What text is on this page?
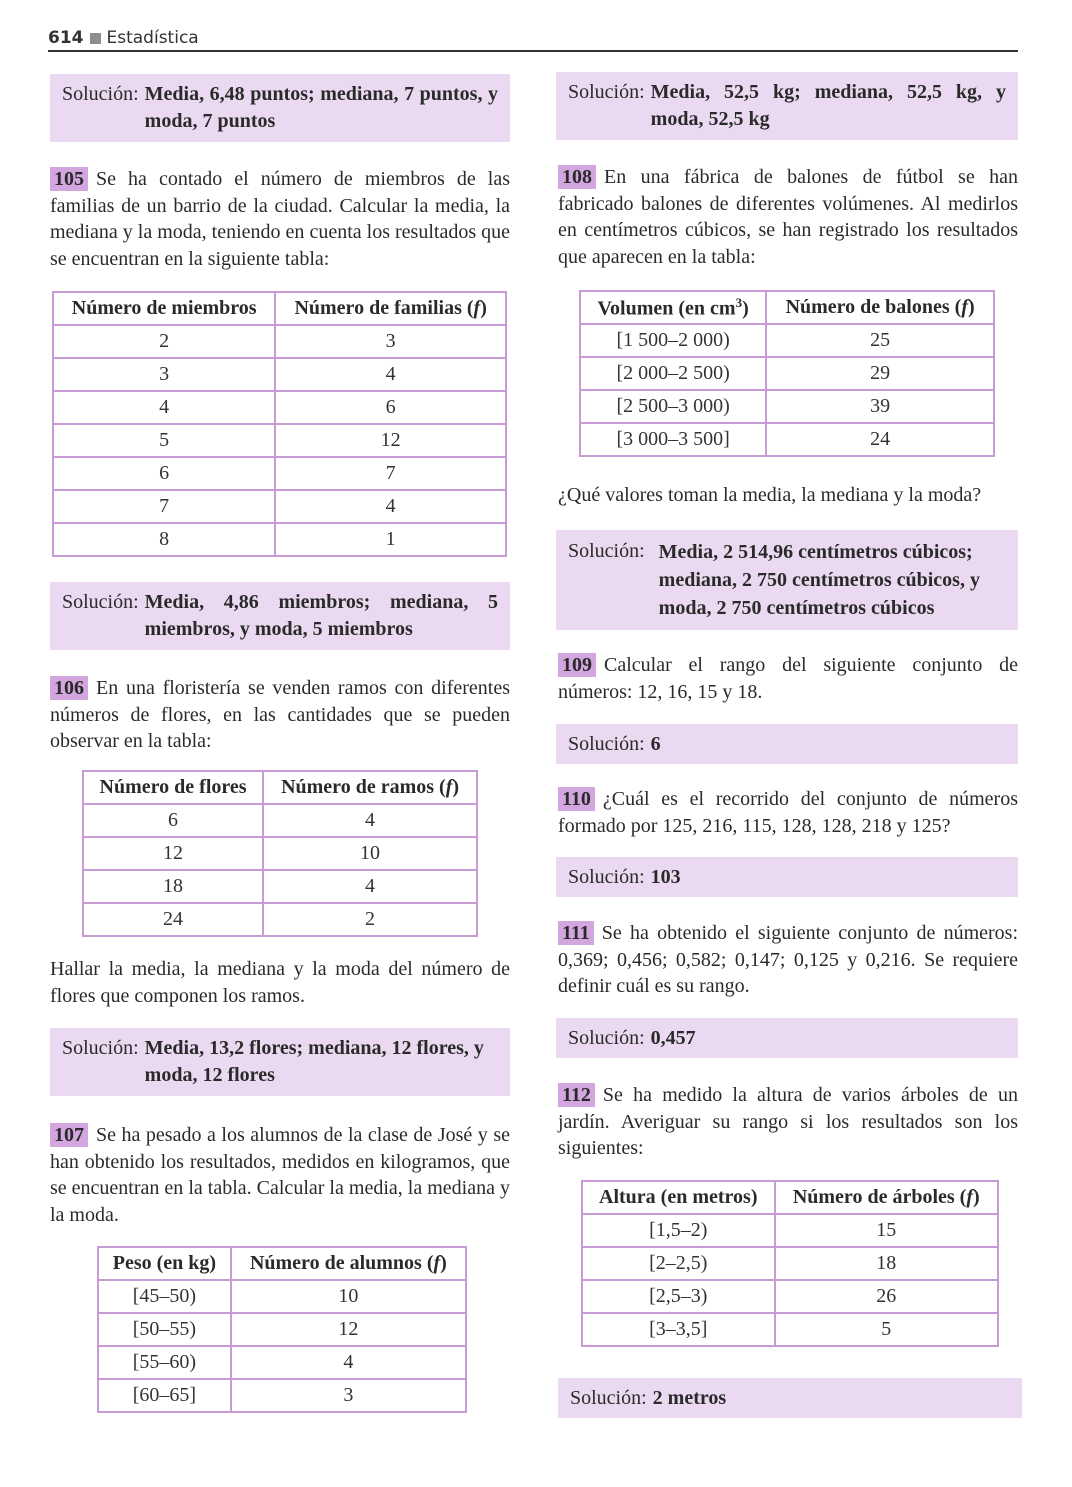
614 Estadística
Solución: Media, 6,48 puntos; mediana, 7 puntos, y moda, 7 puntos
105 Se ha contado el número de miembros de las familias de un barrio de la ciudad. Calcular la media, la mediana y la moda, teniendo en cuenta los resultados que se encuentran en la siguiente tabla:
Número de miembros	Número de familias (f)
2	3
3	4
4	6
5	12
6	7
7	4
8	1
Solución: Media, 4,86 miembros; mediana, 5 miembros, y moda, 5 miembros
106 En una floristería se venden ramos con diferentes números de flores, en las cantidades que se pueden observar en la tabla:
Número de flores	Número de ramos (f)
6	4
12	10
18	4
24	2
Hallar la media, la mediana y la moda del número de flores que componen los ramos.
Solución: Media, 13,2 flores; mediana, 12 flores, y moda, 12 flores
107 Se ha pesado a los alumnos de la clase de José y se han obtenido los resultados, medidos en kilogramos, que se encuentran en la tabla. Calcular la media, la mediana y la moda.
Peso (en kg)	Número de alumnos (f)
[45–50)	10
[50–55)	12
[55–60)	4
[60–65]	3
Solución: Media, 52,5 kg; mediana, 52,5 kg, y moda, 52,5 kg
108 En una fábrica de balones de fútbol se han fabricado balones de diferentes volúmenes. Al medirlos en centímetros cúbicos, se han registrado los resultados que aparecen en la tabla:
Volumen (en $cm^3$)	Número de balones (f)
[1 500–2 000)	25
[2 000–2 500)	29
[2 500–3 000)	39
[3 000–3 500]	24
¿Qué valores toman la media, la mediana y la moda?
Solución: Media, 2 514,96 centímetros cúbicos; mediana, 2 750 centímetros cúbicos, y moda, 2 750 centímetros cúbicos
109 Calcular el rango del siguiente conjunto de números: 12, 16, 15 y 18.
Solución: 6
110 ¿Cuál es el recorrido del conjunto de números formado por 125, 216, 115, 128, 128, 218 y 125?
Solución: 103
111 Se ha obtenido el siguiente conjunto de números: 0,369; 0,456; 0,582; 0,147; 0,125 y 0,216. Se requiere definir cuál es su rango.
Solución: 0,457
112 Se ha medido la altura de varios árboles de un jardín. Averiguar su rango si los resultados son los siguientes:
Altura (en metros)	Número de árboles (f)
[1,5–2)	15
[2–2,5)	18
[2,5–3)	26
[3–3,5]	5
Solución: 2 metros
